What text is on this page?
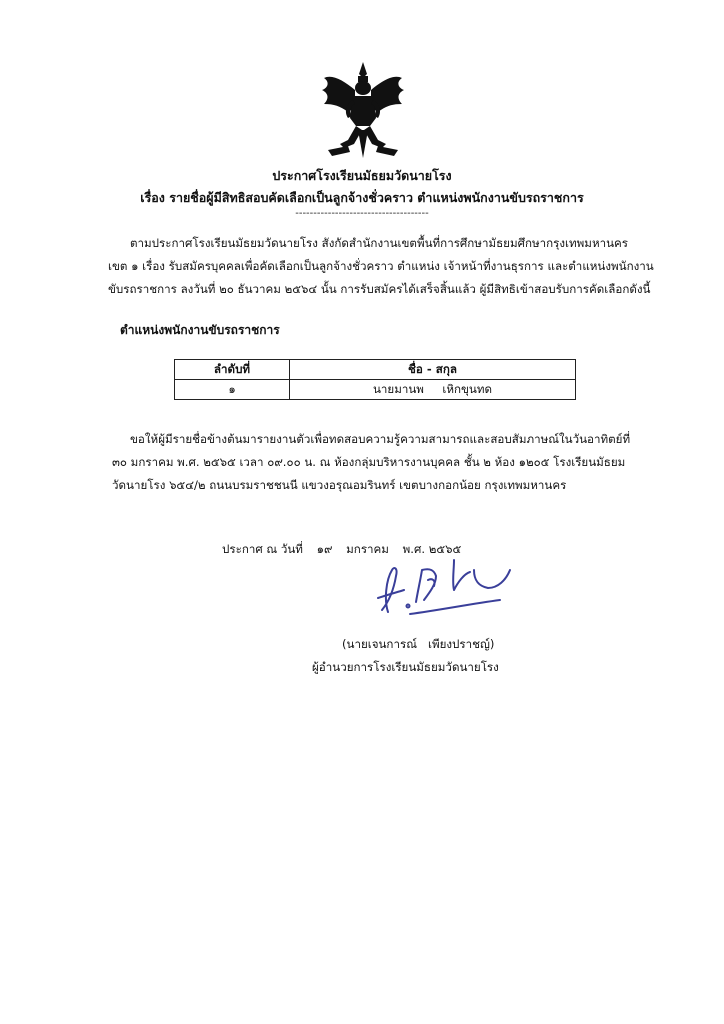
ประกาศโรงเรียนมัธยมวัดนายโรง
เรื่อง รายชื่อผู้มีสิทธิสอบคัดเลือกเป็นลูกจ้างชั่วคราว ตำแหน่งพนักงานขับรถราชการ
-------------------------------------
ตามประกาศโรงเรียนมัธยมวัดนายโรง สังกัดสำนักงานเขตพื้นที่การศึกษามัธยมศึกษากรุงเทพมหานคร
เขต ๑ เรื่อง รับสมัครบุคคลเพื่อคัดเลือกเป็นลูกจ้างชั่วคราว ตำแหน่ง เจ้าหน้าที่งานธุรการ และตำแหน่งพนักงาน
ขับรถราชการ ลงวันที่ ๒๐ ธันวาคม ๒๕๖๔ นั้น การรับสมัครได้เสร็จสิ้นแล้ว ผู้มีสิทธิเข้าสอบรับการคัดเลือกดังนี้
ตำแหน่งพนักงานขับรถราชการ
ลำดับที่	ชื่อ - สกุล
๑	นายมานพ     เหิกขุนทด
ขอให้ผู้มีรายชื่อข้างต้นมารายงานตัวเพื่อทดสอบความรู้ความสามารถและสอบสัมภาษณ์ในวันอาทิตย์ที่
๓๐ มกราคม พ.ศ. ๒๕๖๕ เวลา ๐๙.๐๐ น. ณ ห้องกลุ่มบริหารงานบุคคล ชั้น ๒ ห้อง ๑๒๐๕ โรงเรียนมัธยม
วัดนายโรง ๖๕๔/๒ ถนนบรมราชชนนี แขวงอรุณอมรินทร์ เขตบางกอกน้อย กรุงเทพมหานคร
ประกาศ ณ วันที่ ๑๙ มกราคม พ.ศ. ๒๕๖๕
(นายเจนการณ์   เพียงปราชญ์)
ผู้อำนวยการโรงเรียนมัธยมวัดนายโรง
